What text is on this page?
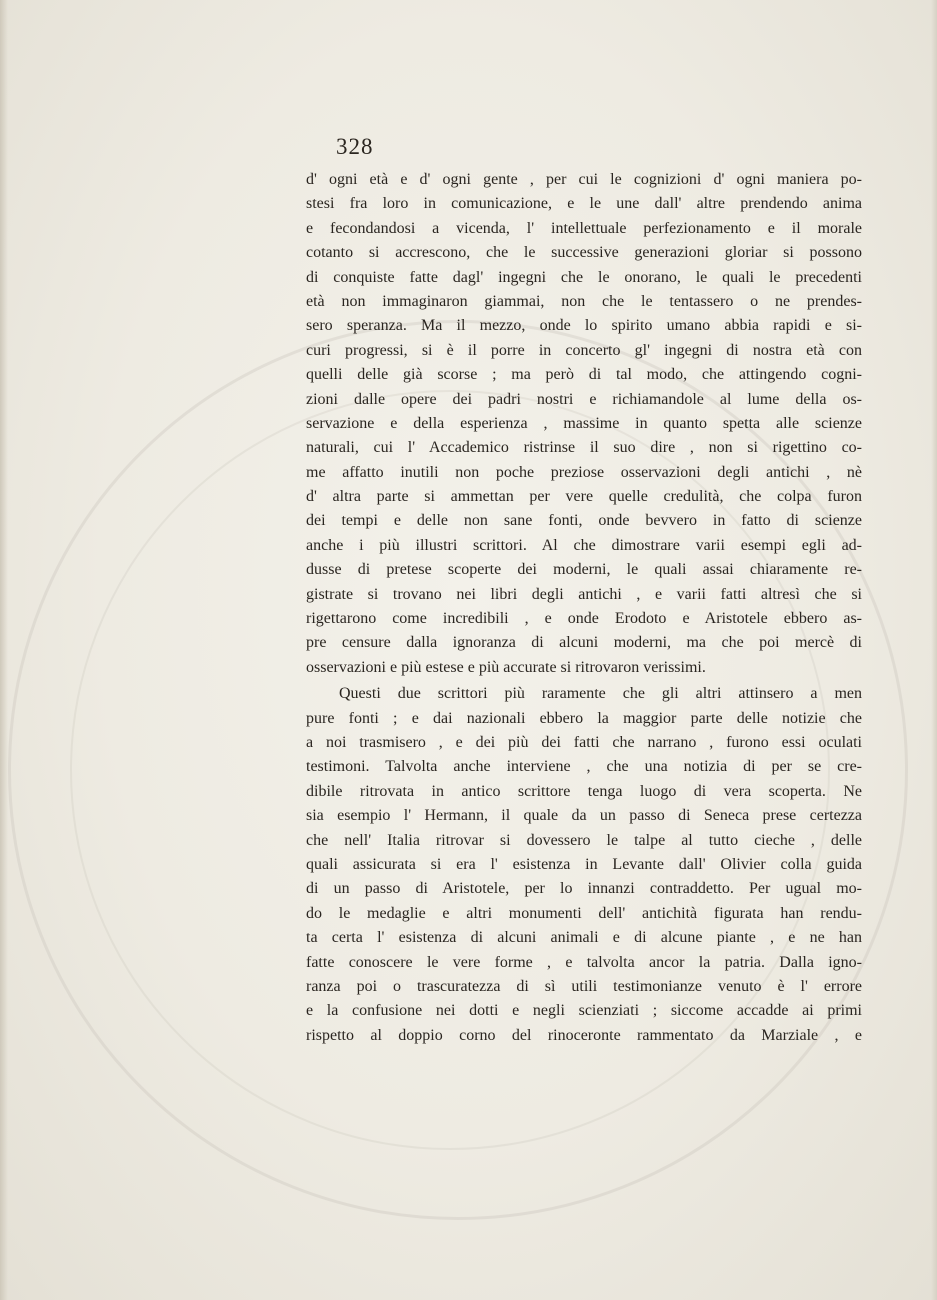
328
d' ogni età e d' ogni gente , per cui le cognizioni d' ogni maniera po-
stesi fra loro in comunicazione, e le une dall' altre prendendo anima
e fecondandosi a vicenda, l' intellettuale perfezionamento e il morale
cotanto si accrescono, che le successive generazioni gloriar si possono
di conquiste fatte dagl' ingegni che le onorano, le quali le precedenti
età non immaginaron giammai, non che le tentassero o ne prendes-
sero speranza. Ma il mezzo, onde lo spirito umano abbia rapidi e si-
curi progressi, si è il porre in concerto gl' ingegni di nostra età con
quelli delle già scorse ; ma però di tal modo, che attingendo cogni-
zioni dalle opere dei padri nostri e richiamandole al lume della os-
servazione e della esperienza , massime in quanto spetta alle scienze
naturali, cui l' Accademico ristrinse il suo dire , non si rigettino co-
me affatto inutili non poche preziose osservazioni degli antichi , nè
d' altra parte si ammettan per vere quelle credulità, che colpa furon
dei tempi e delle non sane fonti, onde bevvero in fatto di scienze
anche i più illustri scrittori. Al che dimostrare varii esempi egli ad-
dusse di pretese scoperte dei moderni, le quali assai chiaramente re-
gistrate si trovano nei libri degli antichi , e varii fatti altresì che si
rigettarono come incredibili , e onde Erodoto e Aristotele ebbero as-
pre censure dalla ignoranza di alcuni moderni, ma che poi mercè di
osservazioni e più estese e più accurate si ritrovaron verissimi.
Questi due scrittori più raramente che gli altri attinsero a men
pure fonti ; e dai nazionali ebbero la maggior parte delle notizie che
a noi trasmisero , e dei più dei fatti che narrano , furono essi oculati
testimoni. Talvolta anche interviene , che una notizia di per se cre-
dibile ritrovata in antico scrittore tenga luogo di vera scoperta. Ne
sia esempio l' Hermann, il quale da un passo di Seneca prese certezza
che nell' Italia ritrovar si dovessero le talpe al tutto cieche , delle
quali assicurata si era l' esistenza in Levante dall' Olivier colla guida
di un passo di Aristotele, per lo innanzi contraddetto. Per ugual mo-
do le medaglie e altri monumenti dell' antichità figurata han rendu-
ta certa l' esistenza di alcuni animali e di alcune piante , e ne han
fatte conoscere le vere forme , e talvolta ancor la patria. Dalla igno-
ranza poi o trascuratezza di sì utili testimonianze venuto è l' errore
e la confusione nei dotti e negli scienziati ; siccome accadde ai primi
rispetto al doppio corno del rinoceronte rammentato da Marziale , e
